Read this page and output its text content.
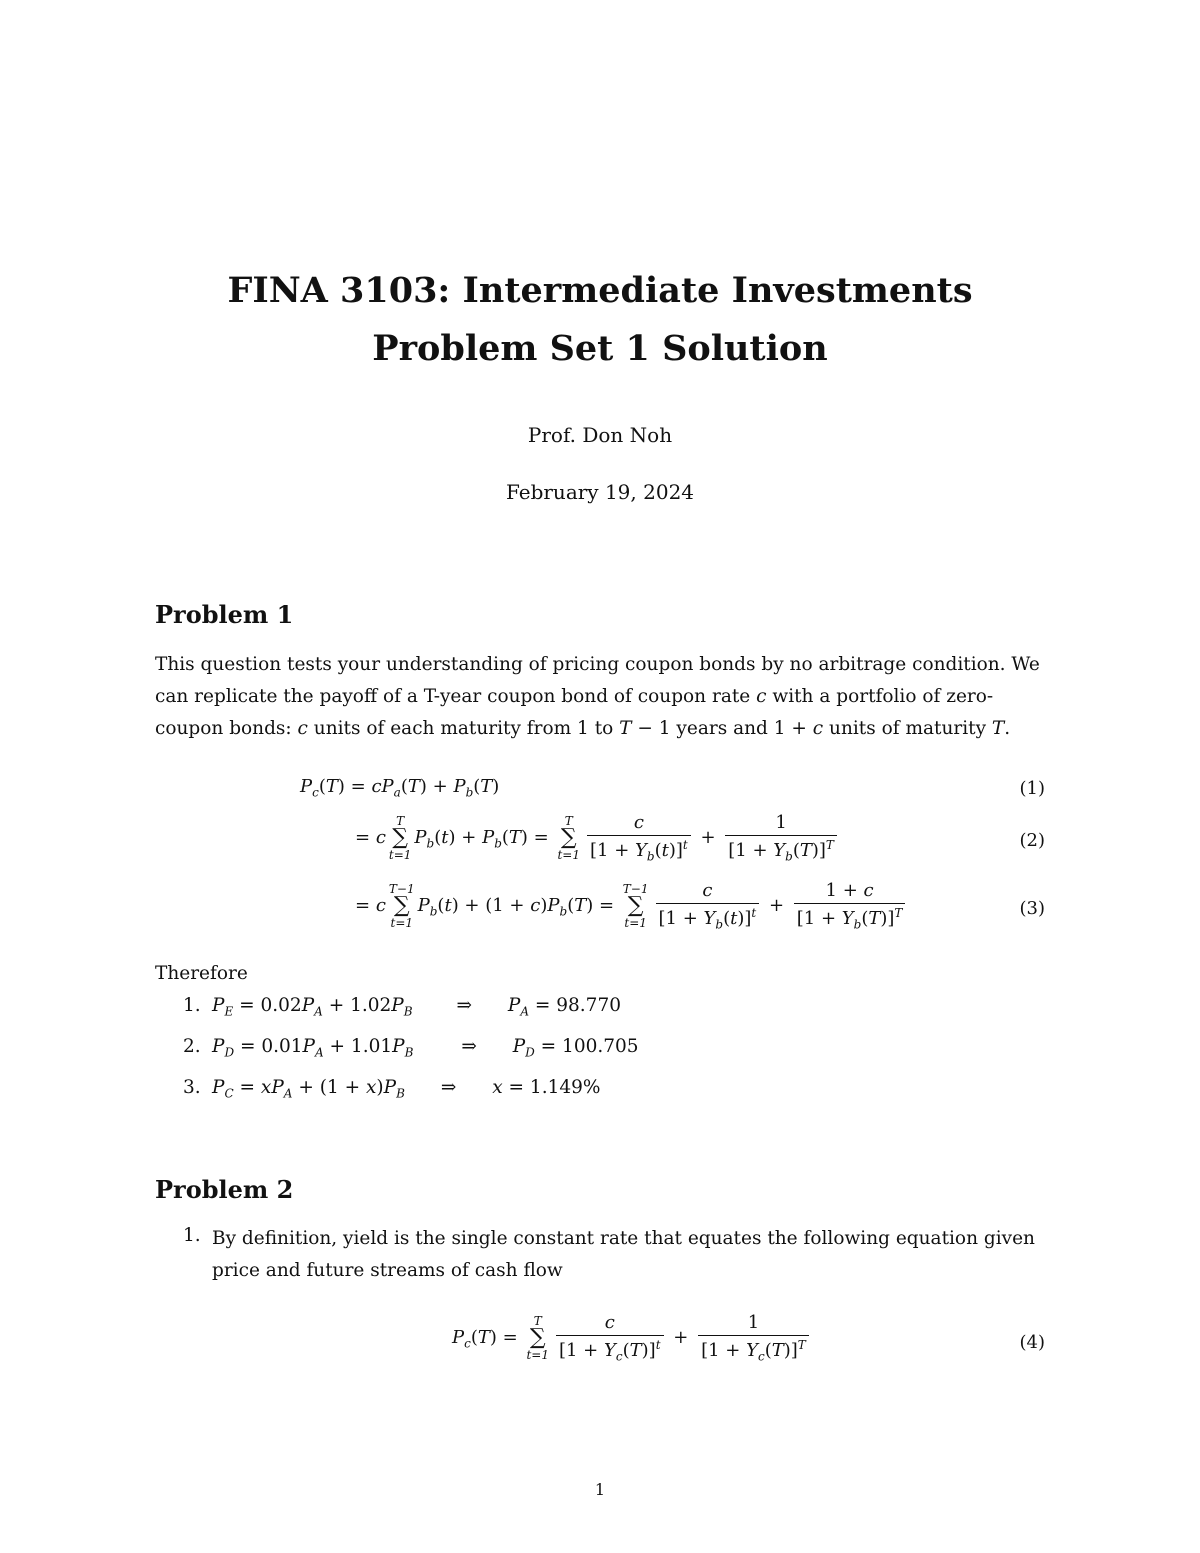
FINA 3103: Intermediate Investments
Problem Set 1 Solution
Prof. Don Noh
February 19, 2024
Problem 1
This question tests your understanding of pricing coupon bonds by no arbitrage condition. We can replicate the payoff of a T-year coupon bond of coupon rate c with a portfolio of zero-coupon bonds: c units of each maturity from 1 to T − 1 years and 1 + c units of maturity T.
$P_c(T) = cP_a(T) + P_b(T)$	(1)
= c
T
∑
t=1
$P_b(t) + P_b(T)$ =
T
∑
$t=1 \frac{c}{[1 + Y_b(t)]^t} + \frac{1}{[1 + Y_b(T)]^T}$	(2)
= c
T−1
∑
t=1
$P_b(t) + (1 + c)P_b(T)$ =
T−1
∑
$t=1 \frac{c}{[1 + Y_b(t)]^t} + \frac{1 + c}{[1 + Y_b(T)]^T}$	(3)
Therefore
1. $P_E = 0.02P_A + 1.02P_B$ ⇒ $P_A = 98.770$
2. $P_D = 0.01P_A + 1.01P_B$	⇒ $P_D = 100.705$
3. $P_C = xP_A + (1 + x)P_B$ ⇒ x = 1.149%
Problem 2
1. By definition, yield is the single constant rate that equates the following equation given price and future streams of cash flow
$P_c(T)$ =
T
∑
$t=1 \frac{c}{[1 + Y_c(T)]^t} + \frac{1}{[1 + Y_c(T)]^T}$	(4)
1
